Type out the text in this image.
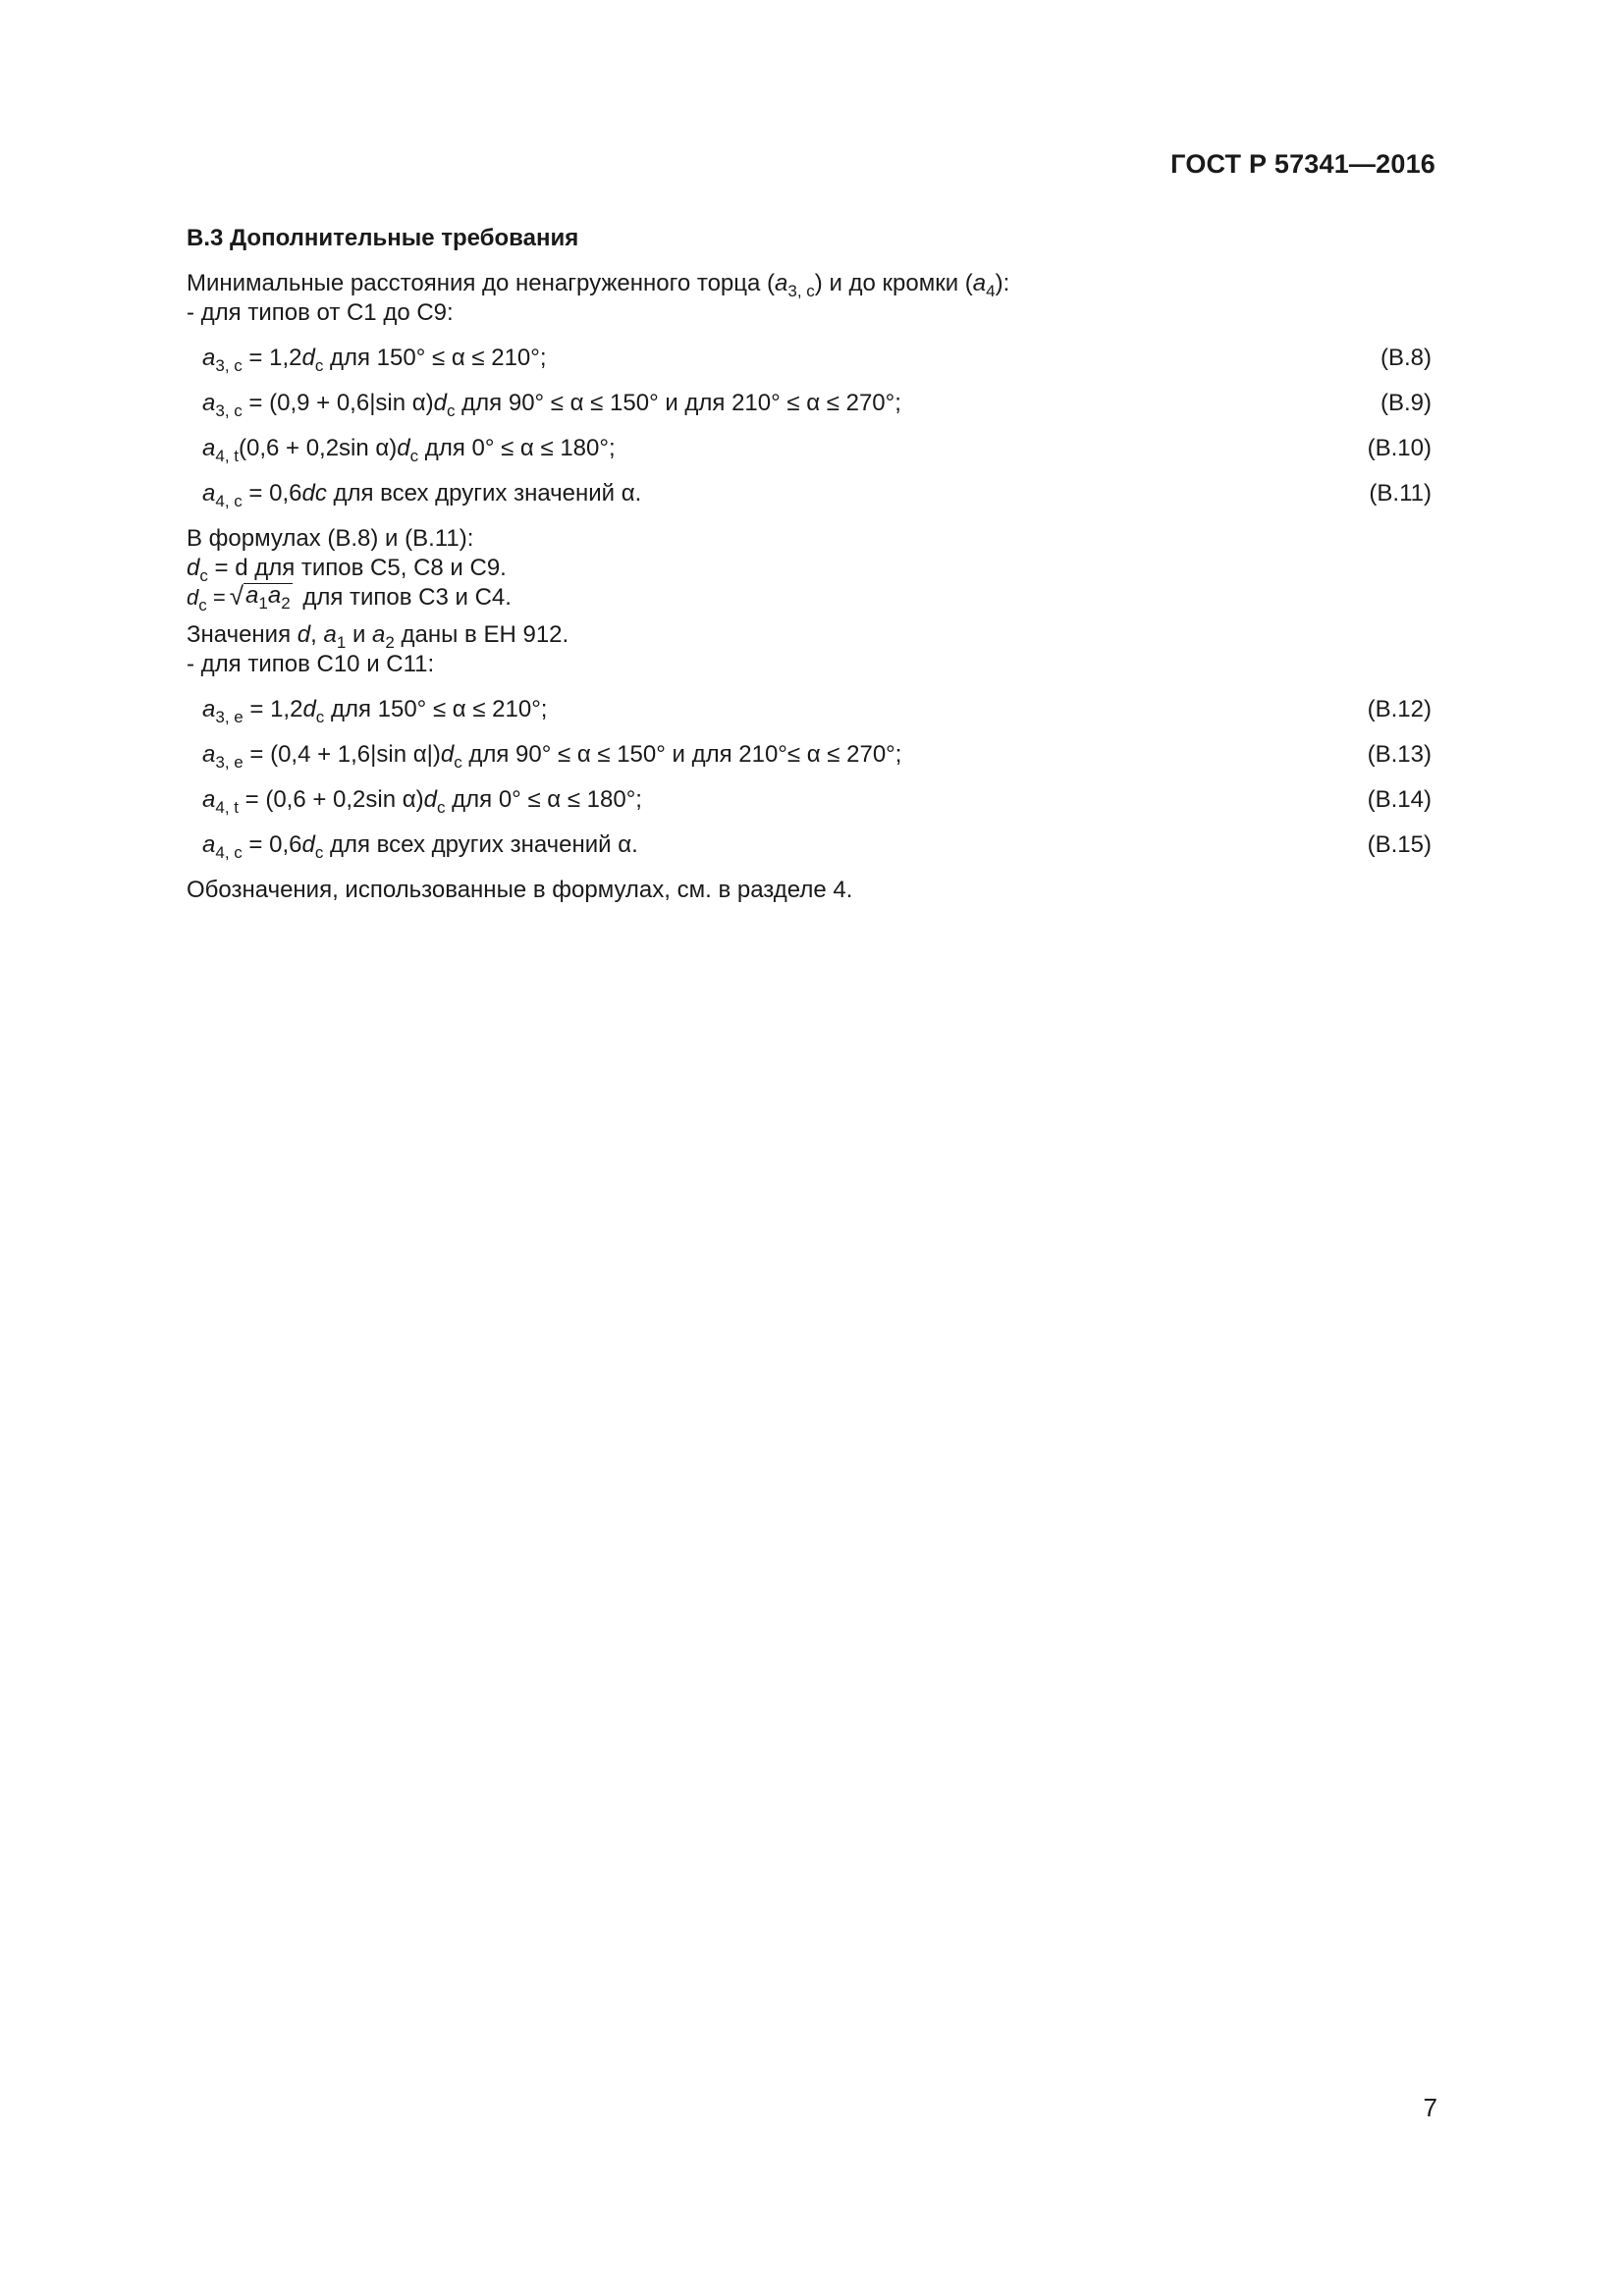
ГОСТ Р 57341—2016
В.3 Дополнительные требования

Минимальные расстояния до ненагруженного торца $(a_{3, c})$ и до кромки $(a_4)$:

- для типов от С1 до С9:

$a_{3, c} = 1,2d_c$ для 150° ≤ α ≤ 210°;	(В.8)
$a_{3, c} = (0,9 + 0,6|\sin$ $\alpha)d_c$ для 90° ≤ α ≤ 150° и для 210° ≤ α ≤ 270°;	(В.9)
$a_{4, t}(0,6 + 0,2\sin$ $\alpha)d_c$ для 0° ≤ α ≤ 180°;	(В.10)
$a_{4, c} = 0,6dc$ для всех других значений α.	(В.11)

В формулах (В.8) и (В.11):

$d_c = d$ для типов С5, С8 и С9.

$d_c$ = √ $a_1a_2$ для типов С3 и С4.

Значения d, $a_1$ и $a_2$ даны в ЕН 912.

- для типов С10 и С11:

$a_{3, e} = 1,2d_c$ для 150° ≤ α ≤ 210°;	(В.12)
$a_{3, e} = (0,4 + 1,6|\sin$ $\alpha|)d_c$ для 90° ≤ α ≤ 150° и для 210°≤ α ≤ 270°;	(В.13)
$a_{4, t} = (0,6 + 0,2\sin$ $\alpha)d_c$ для 0° ≤ α ≤ 180°;	(В.14)
$a_{4, c} = 0,6d_c$ для всех других значений α.	(В.15)

Обозначения, использованные в формулах, см. в разделе 4.

7
